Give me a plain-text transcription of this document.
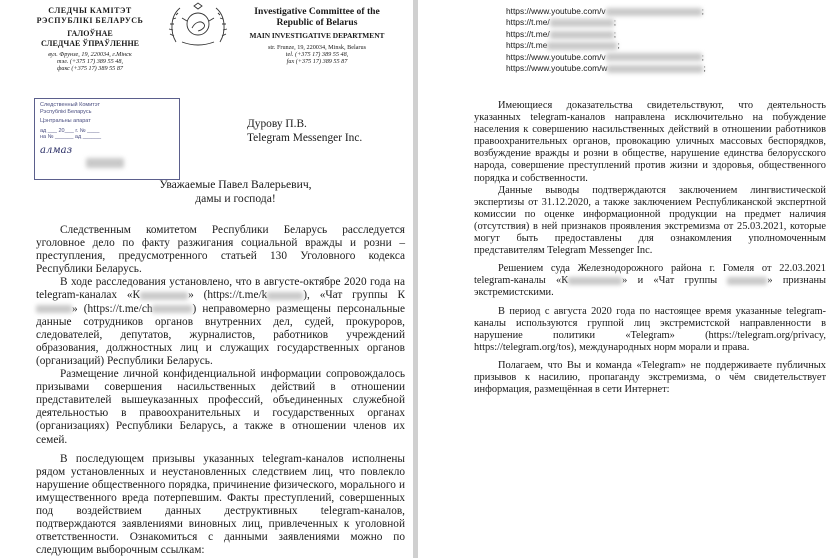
СЛЕДЧЫ КАМІТЭТ
РЭСПУБЛІКІ БЕЛАРУСЬ
ГАЛОЎНАЕ
СЛЕДЧАЕ ЎПРАЎЛЕННЕ
вул. Фрунзе, 19, 220034, г.Мінск
тэл. (+375 17) 389 55 48,
факс (+375 17) 389 55 87
Investigative Committee of the
Republic of Belarus
MAIN INVESTIGATIVE DEPARTMENT
str. Frunze, 19, 220034, Minsk, Belarus
tel. (+375 17) 389 55 48,
fax (+375 17) 389 55 87
Следственный Комитэт
Рэспублікі Беларусь
Цэнтральны апарат
ад ___ 20___ г. № ____
на № ______ ад ______
алмаз
Дурову П.В.
Telegram Messenger Inc.
Уважаемые Павел Валерьевич,
дамы и господа!

Следственным комитетом Республики Беларусь расследуется уголовное дело по факту разжигания социальной вражды и розни – преступления, предусмотренного статьей 130 Уголовного кодекса Республики Беларусь.

В ходе расследования установлено, что в августе-октябре 2020 года на telegram-каналах «К	» (https://t.me/k	), «Чат группы К» (https://t.me/ch	) неправомерно размещены персональные данные сотрудников органов внутренних дел, судей, прокуроров, следователей, депутатов, журналистов, работников учреждений образования, должностных лиц и служащих государственных органов (организаций) Республики Беларусь.

Размещение личной конфиденциальной информации сопровождалось призывами совершения насильственных действий в отношении представителей вышеуказанных профессий, объединенных служебной деятельностью в правоохранительных и государственных органах (организациях) Республики Беларусь, а также в отношении членов их семей.

В последующем призывы указанных telegram-каналов исполнены рядом установленных и неустановленных следствием лиц, что повлекло нарушение общественного порядка, причинение физического, морального и имущественного вреда потерпевшим. Факты преступлений, совершенных под воздействием данных деструктивных telegram-каналов, подтверждаются заявлениями виновных лиц, привлеченных к уголовной ответственности. Ознакомиться с данными заявлениями можно по следующим выборочным ссылкам:

https://www.youtube.com/v	;
https://t.me/	;
https://t.me/	;
https://t.me	;
https://www.youtube.com/v	;
https://www.youtube.com/w	;

Имеющиеся доказательства свидетельствуют, что деятельность указанных telegram-каналов направлена исключительно на побуждение населения к совершению насильственных действий в отношении работников правоохранительных органов, провокацию уличных массовых беспорядков, возбуждение вражды и розни в обществе, нарушение единства белорусского народа, совершение преступлений против жизни и здоровья, общественного порядка и собственности.

Данные выводы подтверждаются заключением лингвистической экспертизы от 31.12.2020, а также заключением Республиканской экспертной комиссии по оценке информационной продукции на предмет наличия (отсутствия) в ней признаков проявления экстремизма от 25.03.2021, которые могут быть предоставлены для ознакомления уполномоченным представителям Telegram Messenger Inc.

Решением суда Железнодорожного района г. Гомеля от 22.03.2021 telegram-каналы «К	» и «Чат группы	» признаны экстремистскими.

В период с августа 2020 года по настоящее время указанные telegram-каналы используются группой лиц экстремистской направленности в нарушение политики «Telegram» (https://telegram.org/privacy, https://telegram.org/tos), международных норм морали и права.

Полагаем, что Вы и команда «Telegram» не поддерживаете публичных призывов к насилию, пропаганду экстремизма, о чём свидетельствует информация, размещённая в сети Интернет:
